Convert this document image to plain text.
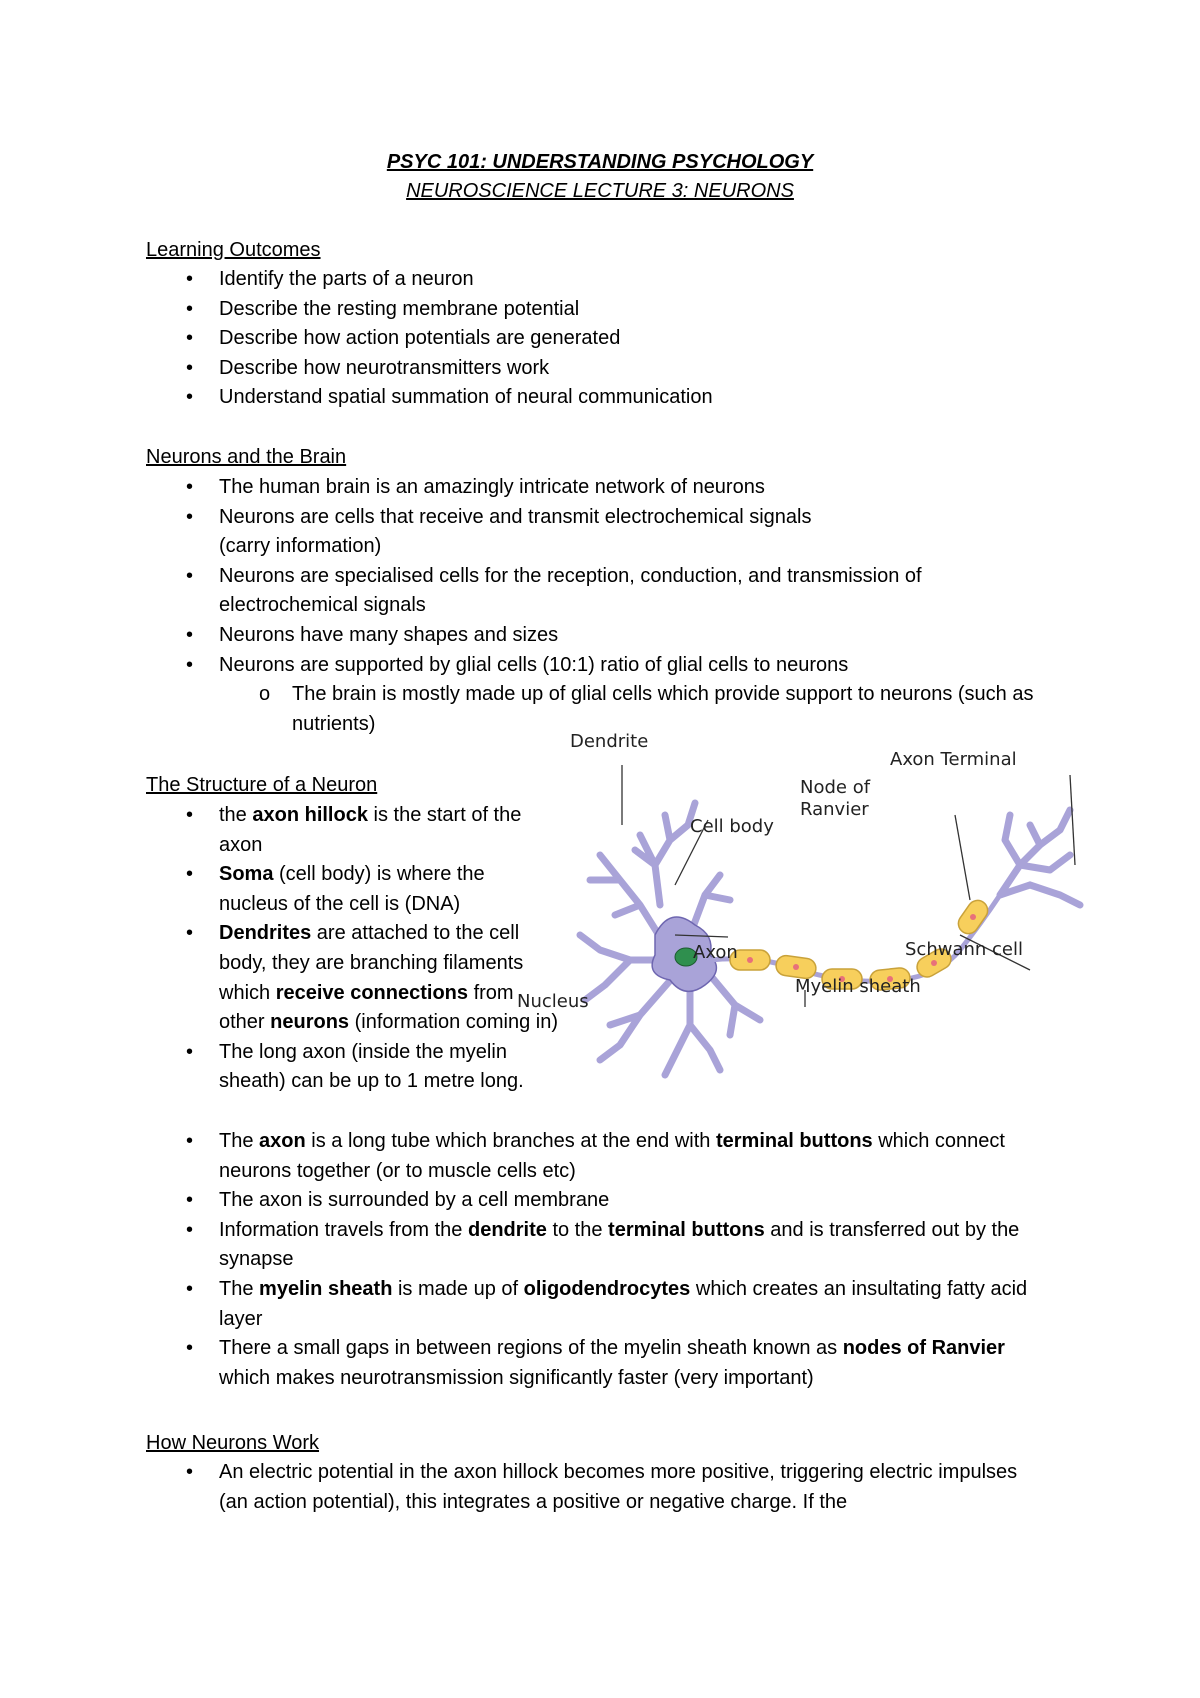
PSYC 101: UNDERSTANDING PSYCHOLOGY
NEUROSCIENCE LECTURE 3: NEURONS
Learning Outcomes
• Identify the parts of a neuron
• Describe the resting membrane potential
• Describe how action potentials are generated
• Describe how neurotransmitters work
• Understand spatial summation of neural communication
Neurons and the Brain
• The human brain is an amazingly intricate network of neurons
• Neurons are cells that receive and transmit electrochemical signals (carry information)
• Neurons are specialised cells for the reception, conduction, and transmission of electrochemical signals
• Neurons have many shapes and sizes
• Neurons are supported by glial cells (10:1) ratio of glial cells to neurons
o The brain is mostly made up of glial cells which provide support to neurons (such as nutrients)
The Structure of a Neuron
• the axon hillock is the start of the axon
• Soma (cell body) is where the nucleus of the cell is (DNA)
• Dendrites are attached to the cell body, they are branching filaments which receive connections from other neurons (information coming in)
• The long axon (inside the myelin sheath) can be up to 1 metre long.
• The axon is a long tube which branches at the end with terminal buttons which connect neurons together (or to muscle cells etc)
• The axon is surrounded by a cell membrane
• Information travels from the dendrite to the terminal buttons and is transferred out by the synapse
• The myelin sheath is made up of oligodendrocytes which creates an insultating fatty acid layer
• There a small gaps in between regions of the myelin sheath known as nodes of Ranvier which makes neurotransmission significantly faster (very important)
Dendrite
Axon Terminal
Node of
Ranvier
Cell body
Schwann cell
Axon
Myelin sheath
Nucleus
How Neurons Work
• An electric potential in the axon hillock becomes more positive, triggering electric impulses (an action potential), this integrates a positive or negative charge. If the
